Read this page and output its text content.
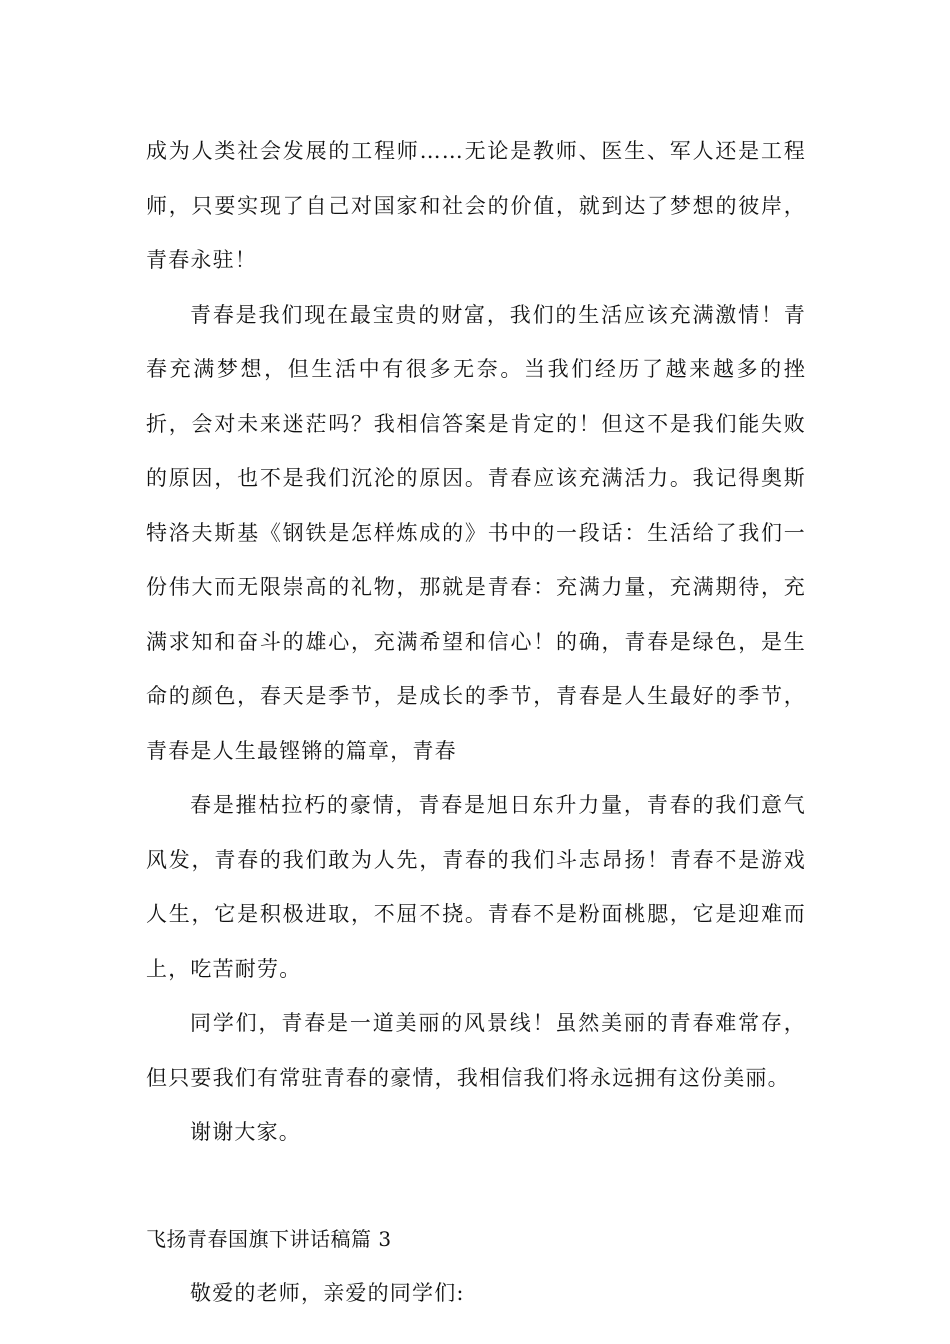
成为人类社会发展的工程师……无论是教师、医生、军人还是工程师，只要实现了自己对国家和社会的价值，就到达了梦想的彼岸，青春永驻！

青春是我们现在最宝贵的财富，我们的生活应该充满激情！青春充满梦想，但生活中有很多无奈。当我们经历了越来越多的挫折，会对未来迷茫吗？我相信答案是肯定的！但这不是我们能失败的原因，也不是我们沉沦的原因。青春应该充满活力。我记得奥斯特洛夫斯基《钢铁是怎样炼成的》书中的一段话：生活给了我们一份伟大而无限崇高的礼物，那就是青春：充满力量，充满期待，充满求知和奋斗的雄心，充满希望和信心！的确，青春是绿色，是生命的颜色，春天是季节，是成长的季节，青春是人生最好的季节，青春是人生最铿锵的篇章，青春

春是摧枯拉朽的豪情，青春是旭日东升力量，青春的我们意气风发，青春的我们敢为人先，青春的我们斗志昂扬！青春不是游戏人生，它是积极进取，不屈不挠。青春不是粉面桃腮，它是迎难而上，吃苦耐劳。

同学们，青春是一道美丽的风景线！虽然美丽的青春难常存，但只要我们有常驻青春的豪情，我相信我们将永远拥有这份美丽。

谢谢大家。

飞扬青春国旗下讲话稿篇 3

敬爱的老师，亲爱的同学们:
